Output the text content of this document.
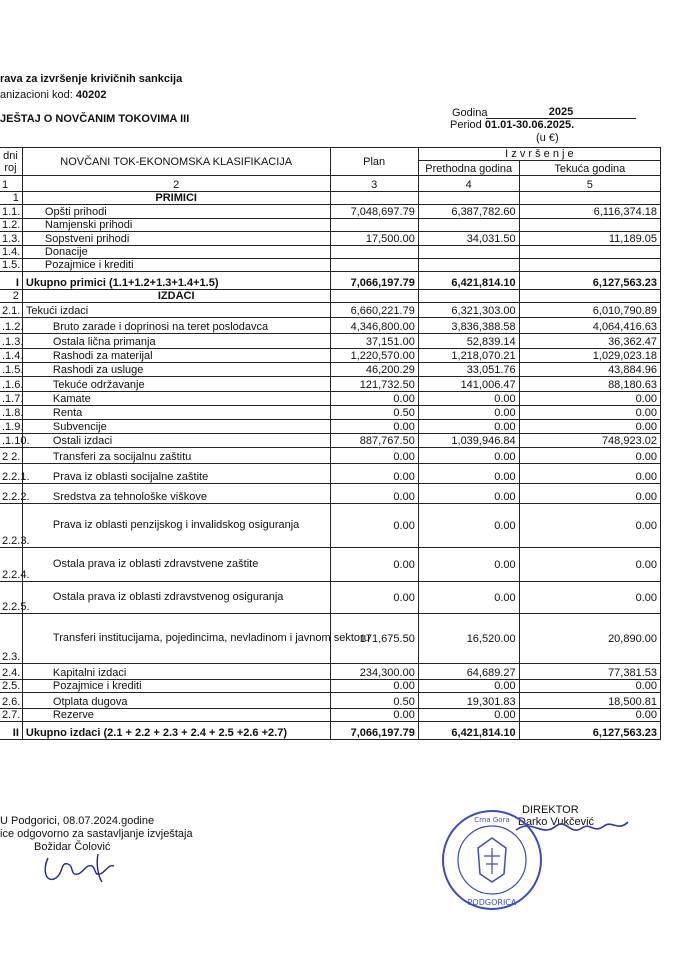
rava za izvršenje krivičnih sankcija
anizacioni kod: 40202
JEŠTAJ O NOVČANIM TOKOVIMA III	Godina	2025
Period 01.01-30.06.2025.
(u €)
dni
roj	NOVČANI TOK-EKONOMSKA KLASIFIKACIJA	Plan	I z v r š e n j e	
			Prethodna godina	Tekuća godina
1	2	3	4	5
1	PRIMICI			
1.1.	Opšti prihodi	7,048,697.79	6,387,782.60	6,116,374.18
1.2.	Namjenski prihodi			
1.3.	Sopstveni prihodi	17,500.00	34,031.50	11,189.05
1.4.	Donacije			
1.5.	Pozajmice i krediti			
I	Ukupno primici (1.1+1.2+1.3+1.4+1.5)	7,066,197.79	6,421,814.10	6,127,563.23
2	IZDACI			
2.1.	Tekući izdaci	6,660,221.79	6,321,303.00	6,010,790.89
.1.2.	Bruto zarade i doprinosi na teret poslodavca	4,346,800.00	3,836,388.58	4,064,416.63
.1.3.	Ostala lična primanja	37,151.00	52,839.14	36,362.47
.1.4.	Rashodi za materijal	1,220,570.00	1,218,070.21	1,029,023.18
.1.5.	Rashodi za usluge	46,200.29	33,051.76	43,884.96
.1.6.	Tekuće održavanje	121,732.50	141,006.47	88,180.63
.1.7.	Kamate	0.00	0.00	0.00
.1.8.	Renta	0.50	0.00	0.00
.1.9.	Subvencije	0.00	0.00	0.00
.1.10.	Ostali izdaci	887,767.50	1,039,946.84	748,923.02
2 2.	Transferi za socijalnu zaštitu	0.00	0.00	0.00
2.2.1.	Prava iz oblasti socijalne zaštite	0.00	0.00	0.00
2.2.2.	Sredstva za tehnološke viškove	0.00	0.00	0.00
2.2.3.	Prava iz oblasti penzijskog i invalidskog osiguranja	0.00	0.00	0.00
2.2.4.	Ostala prava iz oblasti zdravstvene zaštite	0.00	0.00	0.00
2.2.5.	Ostala prava iz oblasti zdravstvenog osiguranja	0.00	0.00	0.00
2.3.	Transferi institucijama, pojedincima, nevladinom i javnom sektoru	171,675.50	16,520.00	20,890.00
2.4.	Kapitalni izdaci	234,300.00	64,689.27	77,381.53
2.5.	Pozajmice i krediti	0.00	0.00	0.00
2.6.	Otplata dugova	0.50	19,301.83	18,500.81
2.7.	Rezerve	0.00	0.00	0.00
II	Ukupno izdaci (2.1 + 2.2 + 2.3 + 2.4 + 2.5 +2.6 +2.7)	7,066,197.79	6,421,814.10	6,127,563.23
U Podgorici, 08.07.2024.godine
ice odgovorno za sastavljanje izvještaja
Božidar Čolović
DIREKTOR
Darko Vukčević
Crna Gora
PODGORICA
